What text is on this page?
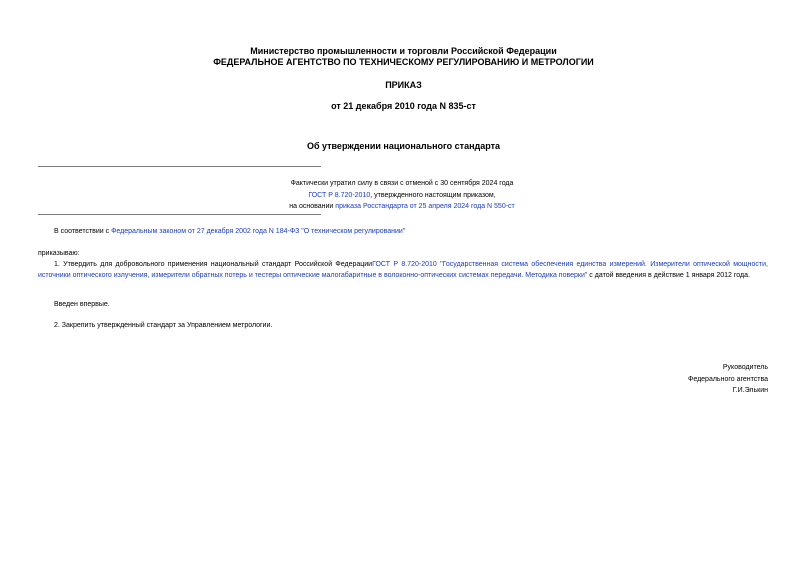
Министерство промышленности и торговли Российской Федерации
ФЕДЕРАЛЬНОЕ АГЕНТСТВО ПО ТЕХНИЧЕСКОМУ РЕГУЛИРОВАНИЮ И МЕТРОЛОГИИ
ПРИКАЗ
от 21 декабря 2010 года N 835-ст
Об утверждении национального стандарта
Фактически утратил силу в связи с отменой с 30 сентября 2024 года
ГОСТ Р 8.720-2010, утвержденного настоящим приказом,
на основании приказа Росстандарта от 25 апреля 2024 года N 550-ст
В соответствии с Федеральным законом от 27 декабря 2002 года N 184-ФЗ "О техническом регулировании"
приказываю:
1. Утвердить для добровольного применения национальный стандарт Российской ФедерацииГОСТ Р 8.720-2010 "Государственная система обеспечения единства измерений. Измерители оптической мощности, источники оптического излучения, измерители обратных потерь и тестеры оптические малогабаритные в волоконно-оптических системах передачи. Методика поверки" с датой введения в действие 1 января 2012 года.
Введен впервые.
2. Закрепить утвержденный стандарт за Управлением метрологии.
Руководитель
Федерального агентства
Г.И.Элькин
